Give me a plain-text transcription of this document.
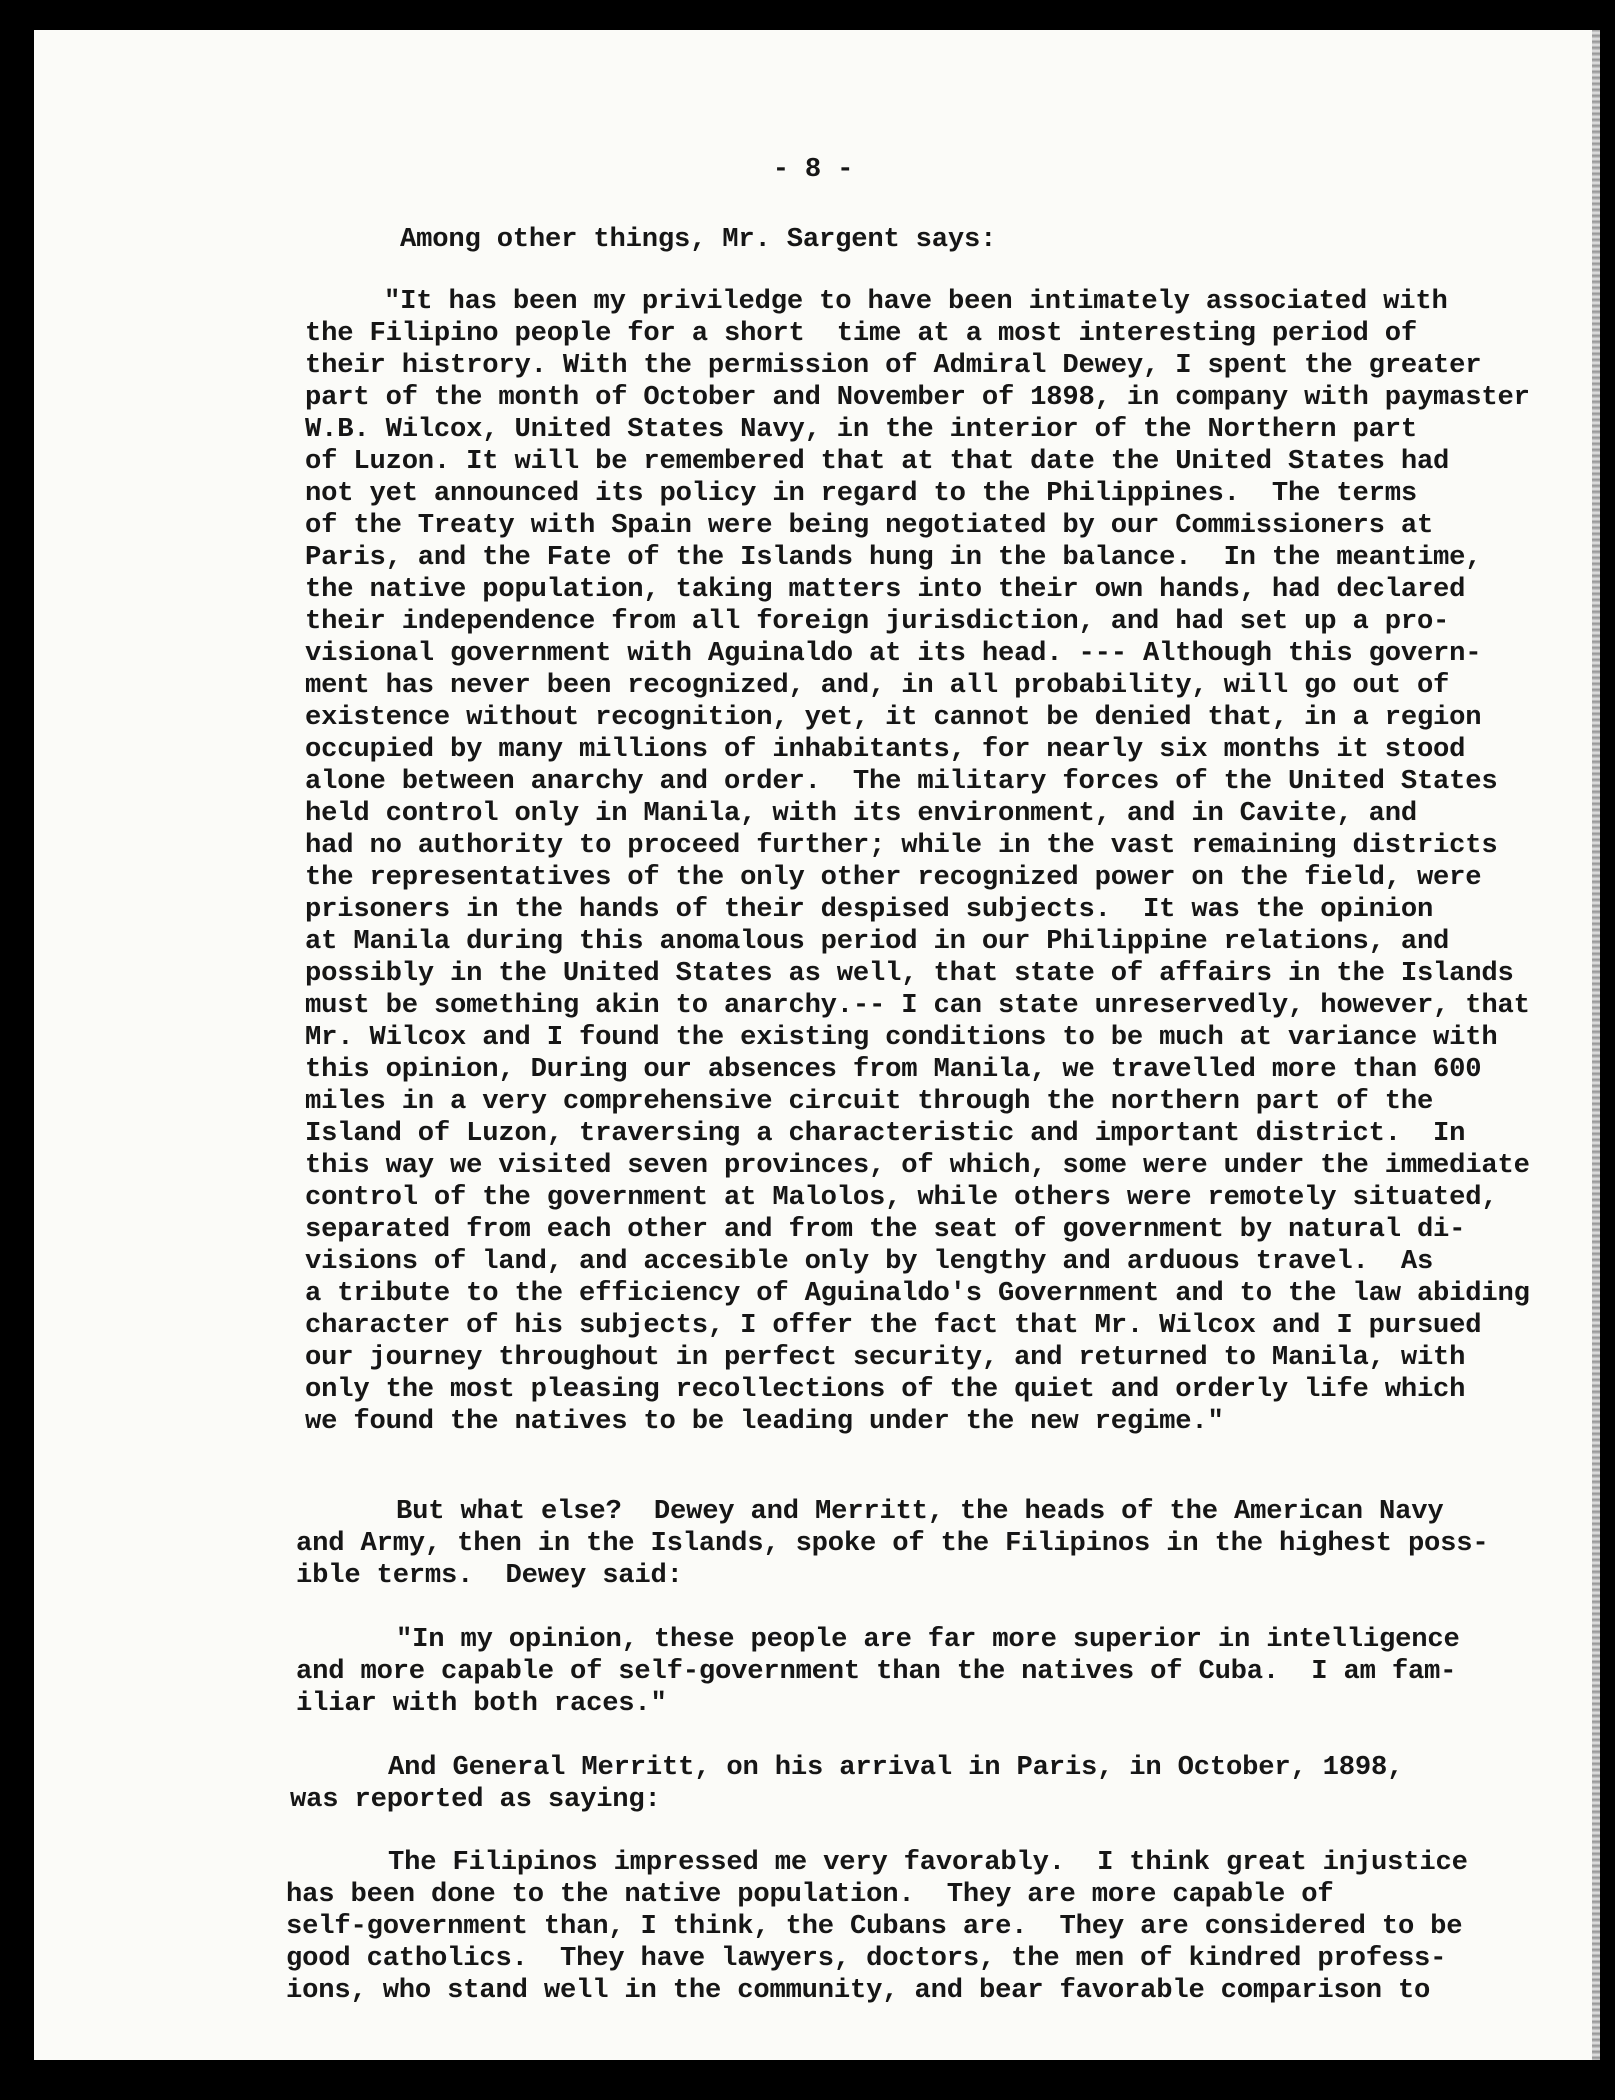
- 8 -
Among other things, Mr. Sargent says:
"It has been my priviledge to have been intimately associated with
the Filipino people for a short  time at a most interesting period of
their histrory. With the permission of Admiral Dewey, I spent the greater
part of the month of October and November of 1898, in company with paymaster
W.B. Wilcox, United States Navy, in the interior of the Northern part
of Luzon. It will be remembered that at that date the United States had
not yet announced its policy in regard to the Philippines.  The terms
of the Treaty with Spain were being negotiated by our Commissioners at
Paris, and the Fate of the Islands hung in the balance.  In the meantime,
the native population, taking matters into their own hands, had declared
their independence from all foreign jurisdiction, and had set up a pro-
visional government with Aguinaldo at its head. --- Although this govern-
ment has never been recognized, and, in all probability, will go out of
existence without recognition, yet, it cannot be denied that, in a region
occupied by many millions of inhabitants, for nearly six months it stood
alone between anarchy and order.  The military forces of the United States
held control only in Manila, with its environment, and in Cavite, and
had no authority to proceed further; while in the vast remaining districts
the representatives of the only other recognized power on the field, were
prisoners in the hands of their despised subjects.  It was the opinion
at Manila during this anomalous period in our Philippine relations, and
possibly in the United States as well, that state of affairs in the Islands
must be something akin to anarchy.-- I can state unreservedly, however, that
Mr. Wilcox and I found the existing conditions to be much at variance with
this opinion, During our absences from Manila, we travelled more than 600
miles in a very comprehensive circuit through the northern part of the
Island of Luzon, traversing a characteristic and important district.  In
this way we visited seven provinces, of which, some were under the immediate
control of the government at Malolos, while others were remotely situated,
separated from each other and from the seat of government by natural di-
visions of land, and accesible only by lengthy and arduous travel.  As
a tribute to the efficiency of Aguinaldo's Government and to the law abiding
character of his subjects, I offer the fact that Mr. Wilcox and I pursued
our journey throughout in perfect security, and returned to Manila, with
only the most pleasing recollections of the quiet and orderly life which
we found the natives to be leading under the new regime."
But what else?  Dewey and Merritt, the heads of the American Navy
and Army, then in the Islands, spoke of the Filipinos in the highest poss-
ible terms.  Dewey said:
"In my opinion, these people are far more superior in intelligence
and more capable of self-government than the natives of Cuba.  I am fam-
iliar with both races."
And General Merritt, on his arrival in Paris, in October, 1898,
was reported as saying:
The Filipinos impressed me very favorably.  I think great injustice
has been done to the native population.  They are more capable of
self-government than, I think, the Cubans are.  They are considered to be
good catholics.  They have lawyers, doctors, the men of kindred profess-
ions, who stand well in the community, and bear favorable comparison to
